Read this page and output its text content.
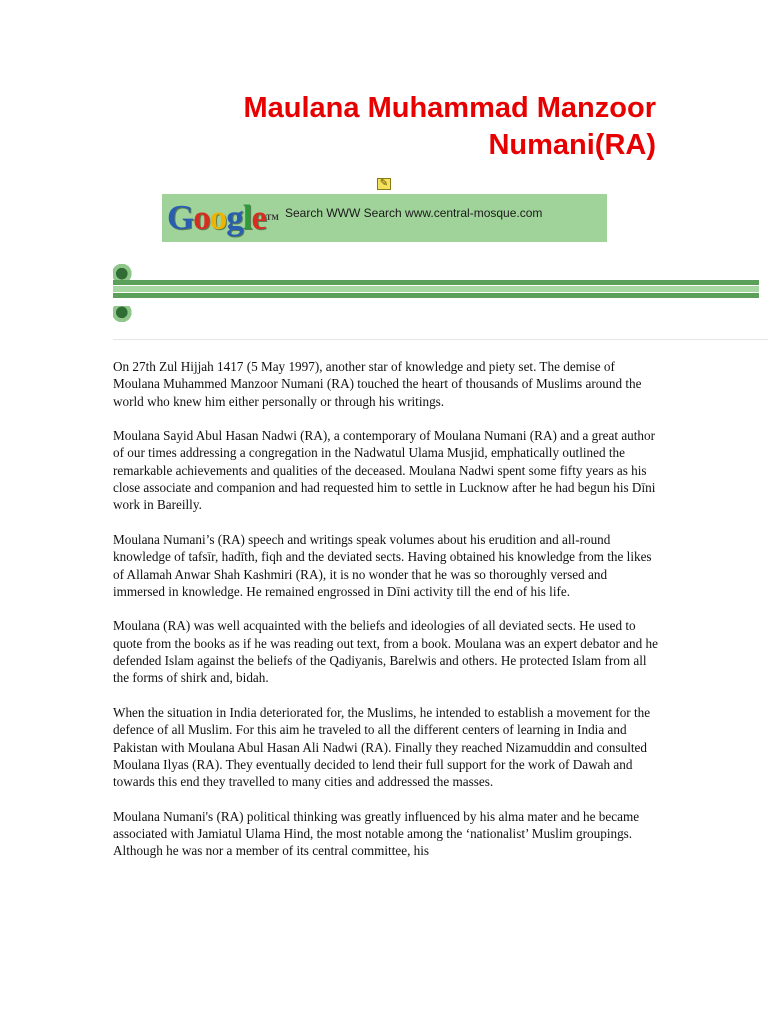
Maulana Muhammad Manzoor Numani(RA)
✎
Google™ Search WWW Search www.central-mosque.com

On 27th Zul Hijjah 1417 (5 May 1997), another star of knowledge and piety set. The demise of Moulana Muhammed Manzoor Numani (RA) touched the heart of thousands of Muslims around the world who knew him either personally or through his writings.

Moulana Sayid Abul Hasan Nadwi (RA), a contemporary of Moulana Numani (RA) and a great author of our times addressing a congregation in the Nadwatul Ulama Musjid, emphatically outlined the remarkable achievements and qualities of the deceased. Moulana Nadwi spent some fifty years as his close associate and companion and had requested him to settle in Lucknow after he had begun his Dīni work in Bareilly.

Moulana Numani’s (RA) speech and writings speak volumes about his erudition and all-round knowledge of tafsīr, hadīth, fiqh and the deviated sects. Having obtained his knowledge from the likes of Allamah Anwar Shah Kashmiri (RA), it is no wonder that he was so thoroughly versed and immersed in knowledge. He remained engrossed in Dīni activity till the end of his life.

Moulana (RA) was well acquainted with the beliefs and ideologies of all deviated sects. He used to quote from the books as if he was reading out text, from a book. Moulana was an expert debator and he defended Islam against the beliefs of the Qadiyanis, Barelwis and others. He protected Islam from all the forms of shirk and, bidah.

When the situation in India deteriorated for, the Muslims, he intended to establish a movement for the defence of all Muslim. For this aim he traveled to all the different centers of learning in India and Pakistan with Moulana Abul Hasan Ali Nadwi (RA). Finally they reached Nizamuddin and consulted Moulana Ilyas (RA). They eventually decided to lend their full support for the work of Dawah and towards this end they travelled to many cities and addressed the masses.

Moulana Numani's (RA) political thinking was greatly influenced by his alma mater and he became associated with Jamiatul Ulama Hind, the most notable among the ‘nationalist’ Muslim groupings. Although he was nor a member of its central committee, his
